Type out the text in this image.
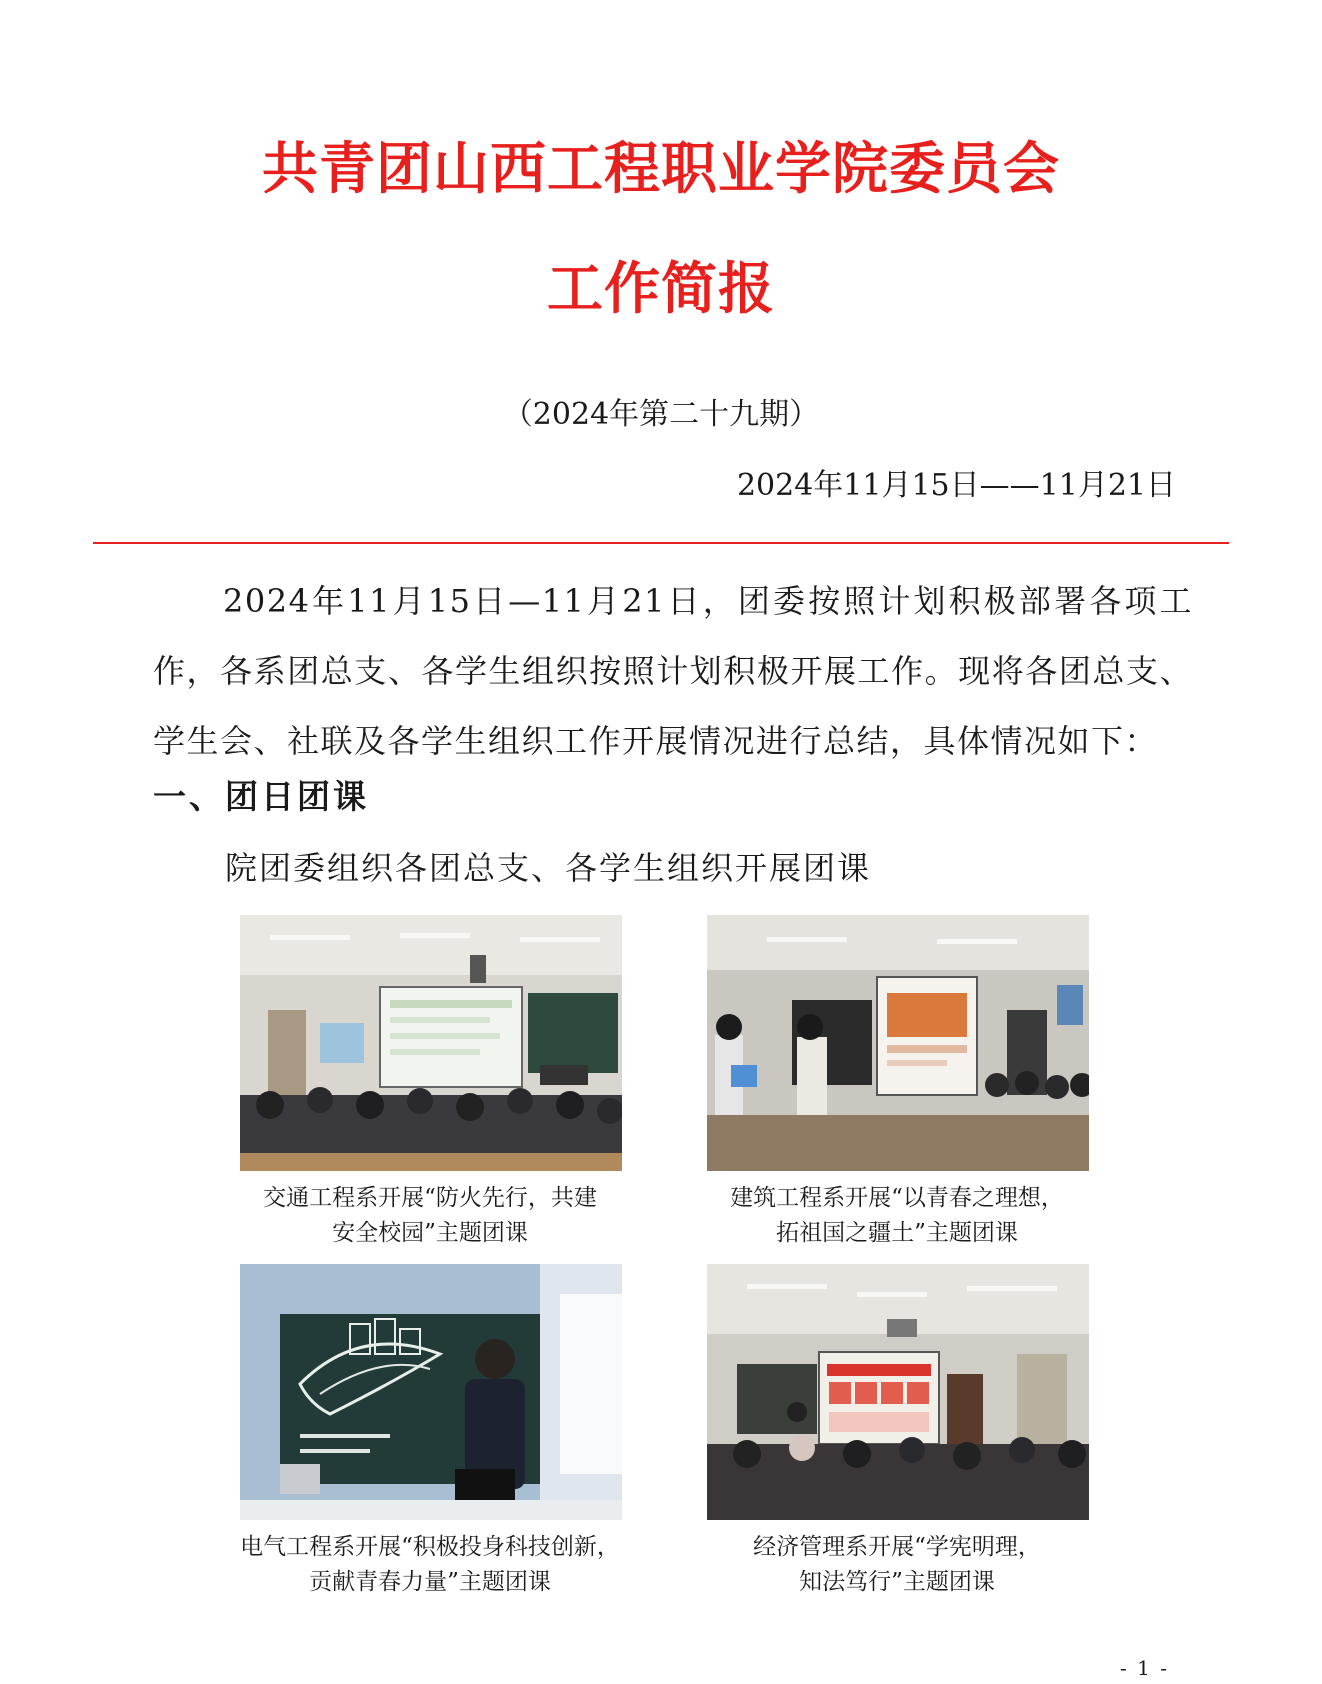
共青团山西工程职业学院委员会
工作简报
（2024年第二十九期）
2024年11月15日——11月21日
2024年11月15日—11月21日，团委按照计划积极部署各项工作，各系团总支、各学生组织按照计划积极开展工作。现将各团总支、学生会、社联及各学生组织工作开展情况进行总结，具体情况如下：
一、团日团课
院团委组织各团总支、各学生组织开展团课
交通工程系开展“防火先行，共建
安全校园”主题团课
建筑工程系开展“以青春之理想，
拓祖国之疆土”主题团课
电气工程系开展“积极投身科技创新，
贡献青春力量”主题团课
经济管理系开展“学宪明理，
知法笃行”主题团课
- 1 -
